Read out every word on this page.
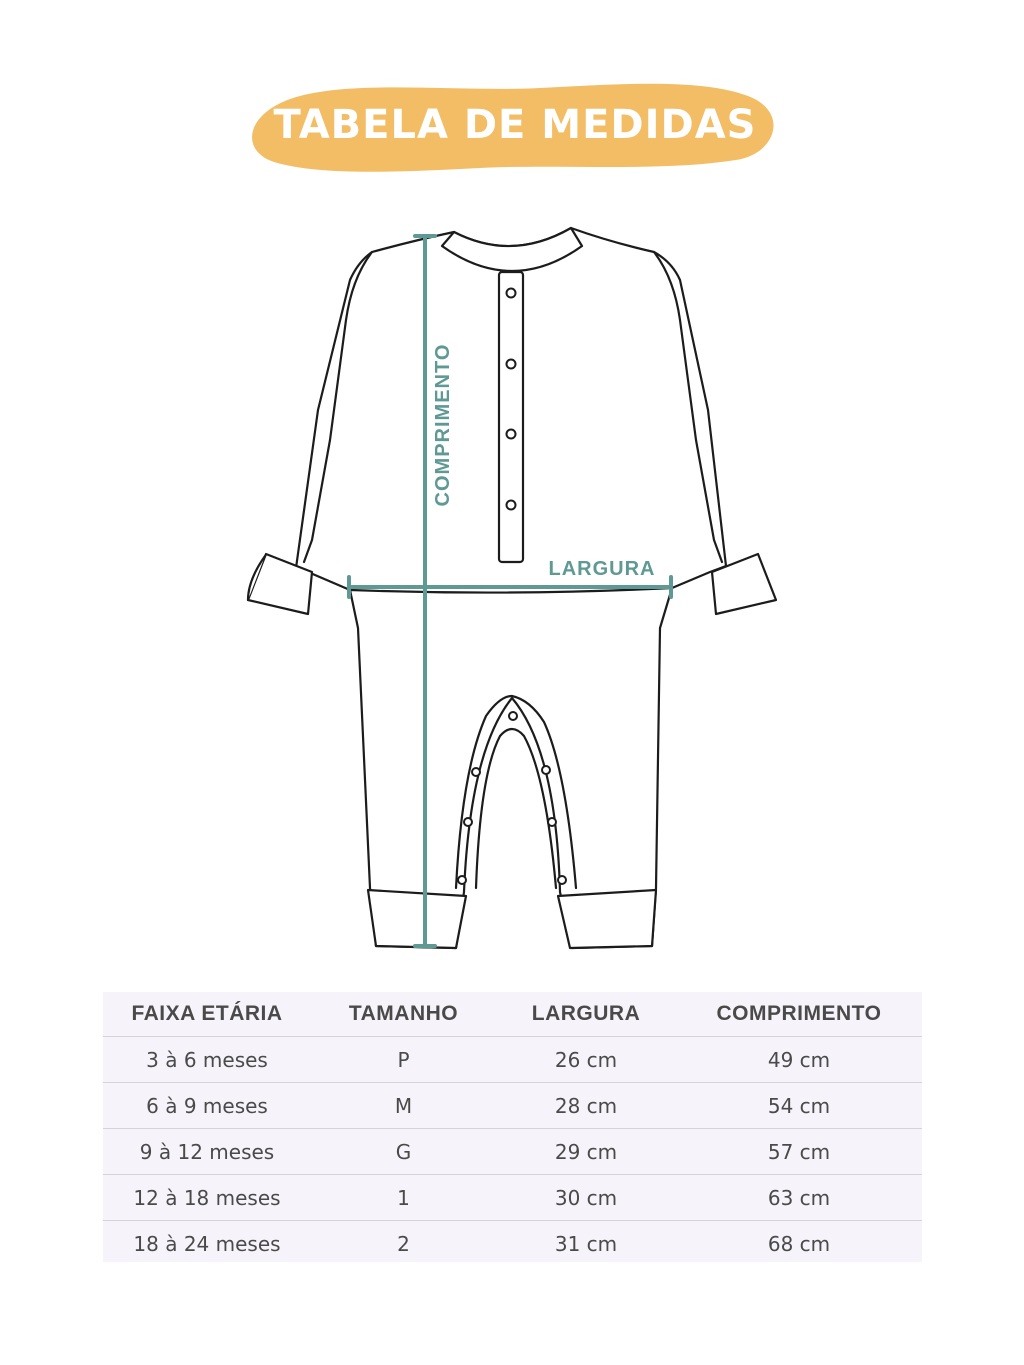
TABELA DE MEDIDAS
COMPRIMENTO
LARGURA
FAIXA ETÁRIA	TAMANHO	LARGURA	COMPRIMENTO
3 à 6 meses	P	26 cm	49 cm
6 à 9 meses	M	28 cm	54 cm
9 à 12 meses	G	29 cm	57 cm
12 à 18 meses	1	30 cm	63 cm
18 à 24 meses	2	31 cm	68 cm
